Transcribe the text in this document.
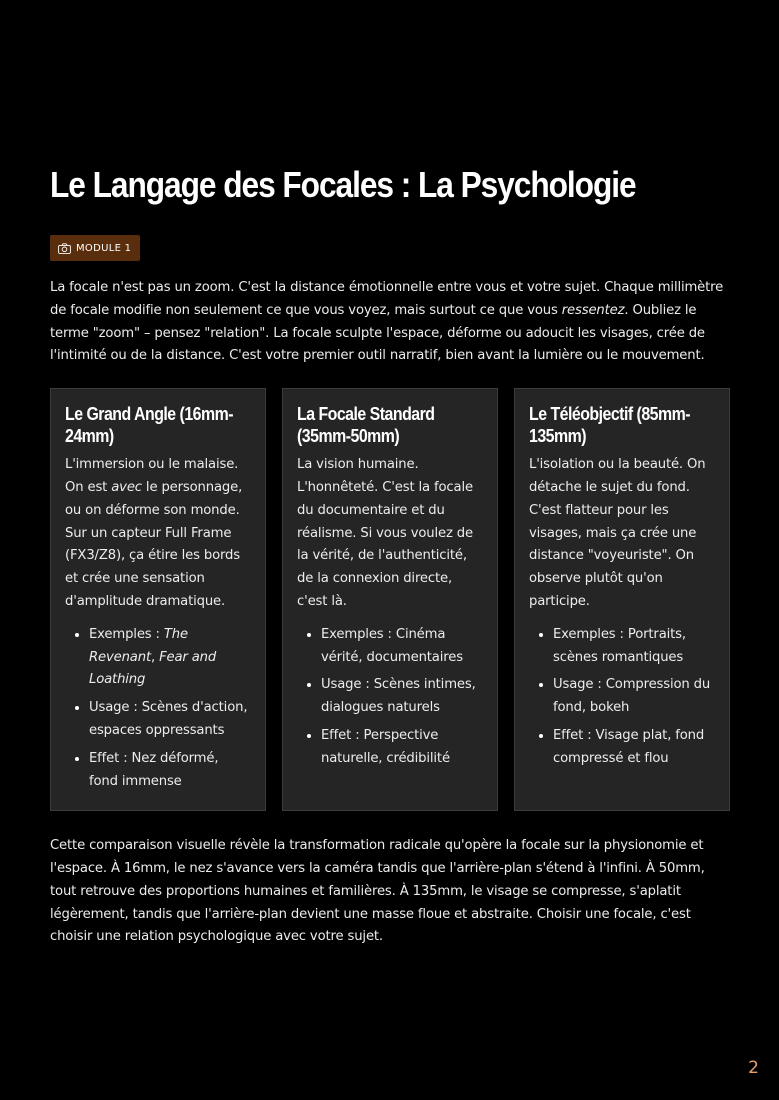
Le Langage des Focales : La Psychologie
MODULE 1

La focale n'est pas un zoom. C'est la distance émotionnelle entre vous et votre sujet. Chaque millimètre de focale modifie non seulement ce que vous voyez, mais surtout ce que vous ressentez. Oubliez le terme "zoom" – pensez "relation". La focale sculpte l'espace, déforme ou adoucit les visages, crée de l'intimité ou de la distance. C'est votre premier outil narratif, bien avant la lumière ou le mouvement.

Le Grand Angle (16mm-24mm)

L'immersion ou le malaise. On est avec le personnage, ou on déforme son monde. Sur un capteur Full Frame (FX3/Z8), ça étire les bords et crée une sensation d'amplitude dramatique.

• Exemples : The Revenant, Fear and Loathing
• Usage : Scènes d'action, espaces oppressants
• Effet : Nez déformé, fond immense
La Focale Standard (35mm-50mm)

La vision humaine. L'honnêteté. C'est la focale du documentaire et du réalisme. Si vous voulez de la vérité, de l'authenticité, de la connexion directe, c'est là.

• Exemples : Cinéma vérité, documentaires
• Usage : Scènes intimes, dialogues naturels
• Effet : Perspective naturelle, crédibilité
Le Téléobjectif (85mm-135mm)

L'isolation ou la beauté. On détache le sujet du fond. C'est flatteur pour les visages, mais ça crée une distance "voyeuriste". On observe plutôt qu'on participe.

• Exemples : Portraits, scènes romantiques
• Usage : Compression du fond, bokeh
• Effet : Visage plat, fond compressé et flou

Cette comparaison visuelle révèle la transformation radicale qu'opère la focale sur la physionomie et l'espace. À 16mm, le nez s'avance vers la caméra tandis que l'arrière-plan s'étend à l'infini. À 50mm, tout retrouve des proportions humaines et familières. À 135mm, le visage se compresse, s'aplatit légèrement, tandis que l'arrière-plan devient une masse floue et abstraite. Choisir une focale, c'est choisir une relation psychologique avec votre sujet.

2
